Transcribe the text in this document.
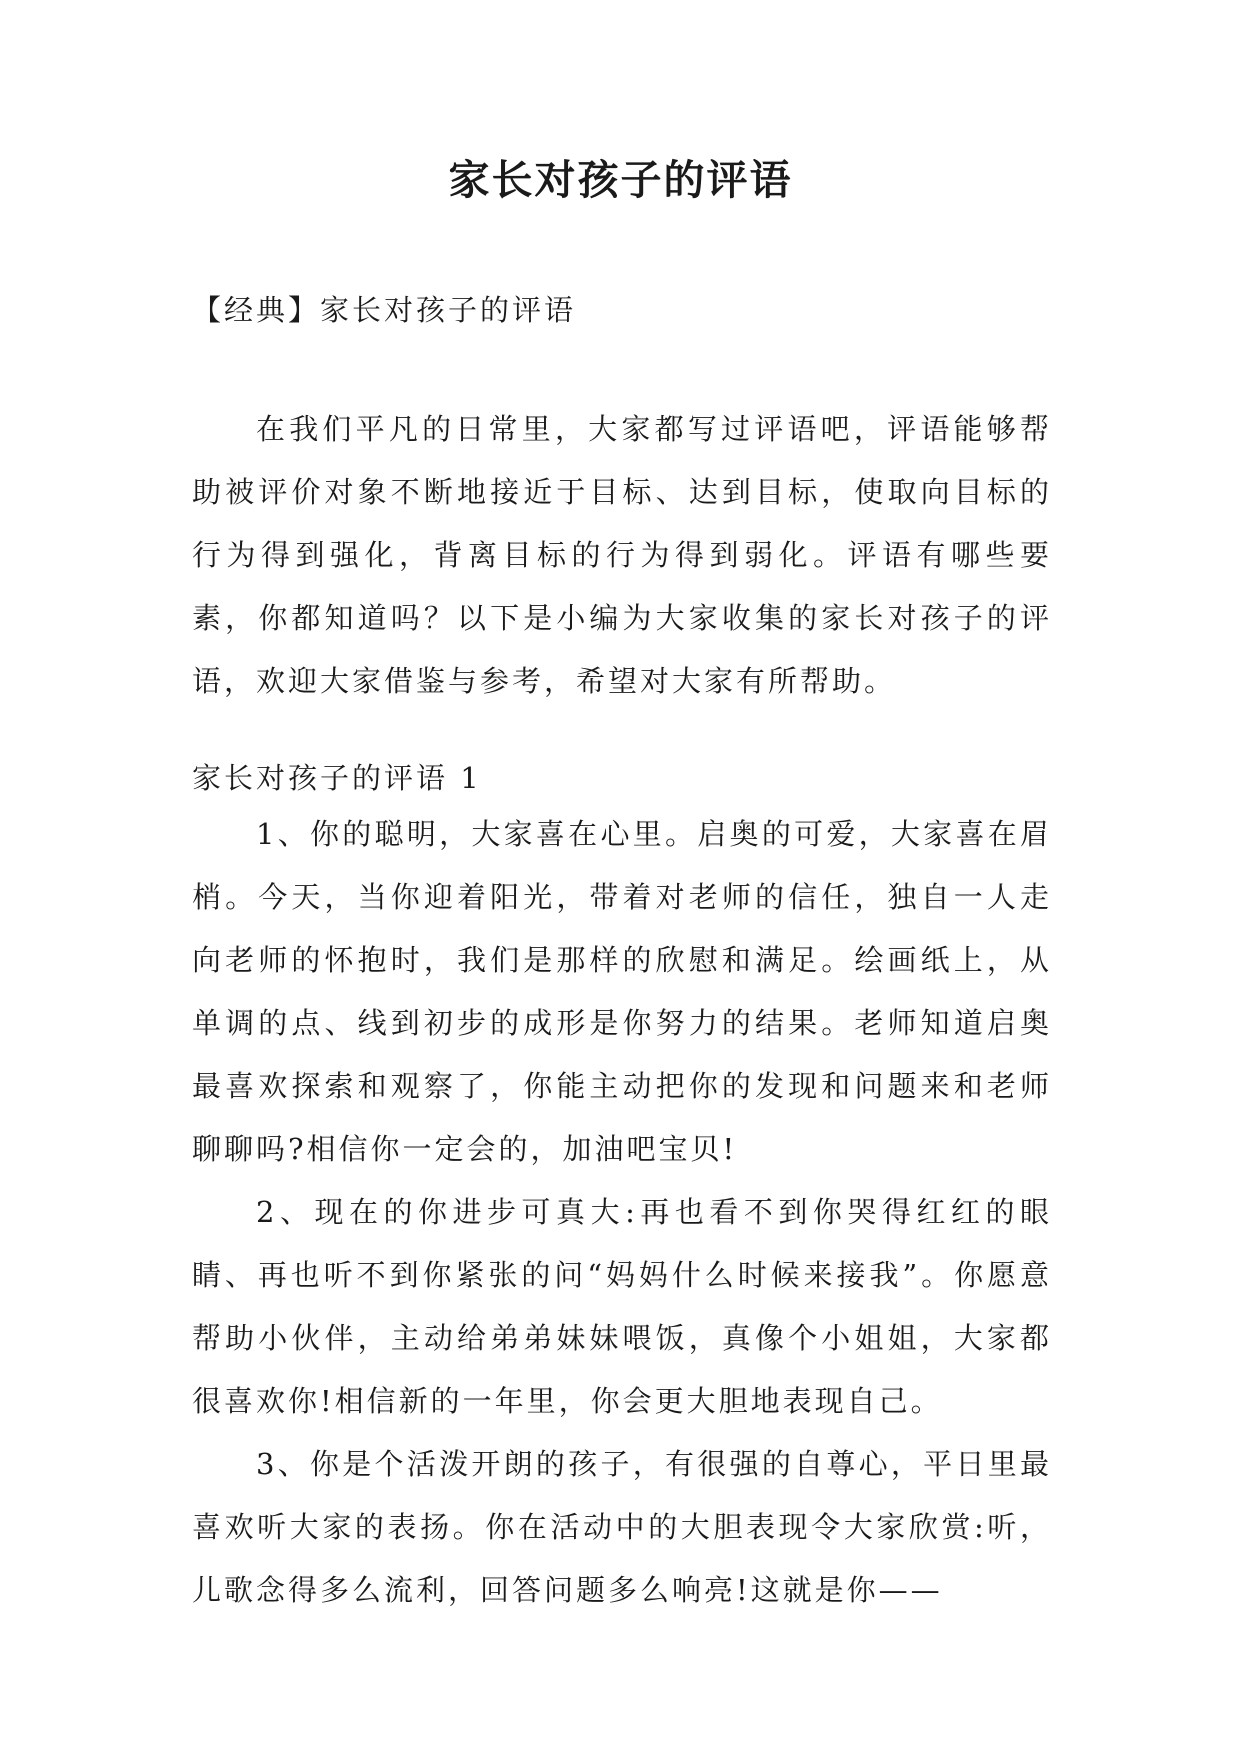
家长对孩子的评语
【经典】家长对孩子的评语
在我们平凡的日常里，大家都写过评语吧，评语能够帮助被评价对象不断地接近于目标、达到目标，使取向目标的行为得到强化，背离目标的行为得到弱化。评语有哪些要素，你都知道吗？以下是小编为大家收集的家长对孩子的评语，欢迎大家借鉴与参考，希望对大家有所帮助。
家长对孩子的评语 1

1、你的聪明，大家喜在心里。启奥的可爱，大家喜在眉梢。今天，当你迎着阳光，带着对老师的信任，独自一人走向老师的怀抱时，我们是那样的欣慰和满足。绘画纸上，从单调的点、线到初步的成形是你努力的结果。老师知道启奥最喜欢探索和观察了，你能主动把你的发现和问题来和老师聊聊吗?相信你一定会的，加油吧宝贝!

2、现在的你进步可真大:再也看不到你哭得红红的眼睛、再也听不到你紧张的问“妈妈什么时候来接我”。你愿意帮助小伙伴，主动给弟弟妹妹喂饭，真像个小姐姐，大家都很喜欢你!相信新的一年里，你会更大胆地表现自己。

3、你是个活泼开朗的孩子，有很强的自尊心，平日里最喜欢听大家的表扬。你在活动中的大胆表现令大家欣赏:听，儿歌念得多么流利，回答问题多么响亮!这就是你——
